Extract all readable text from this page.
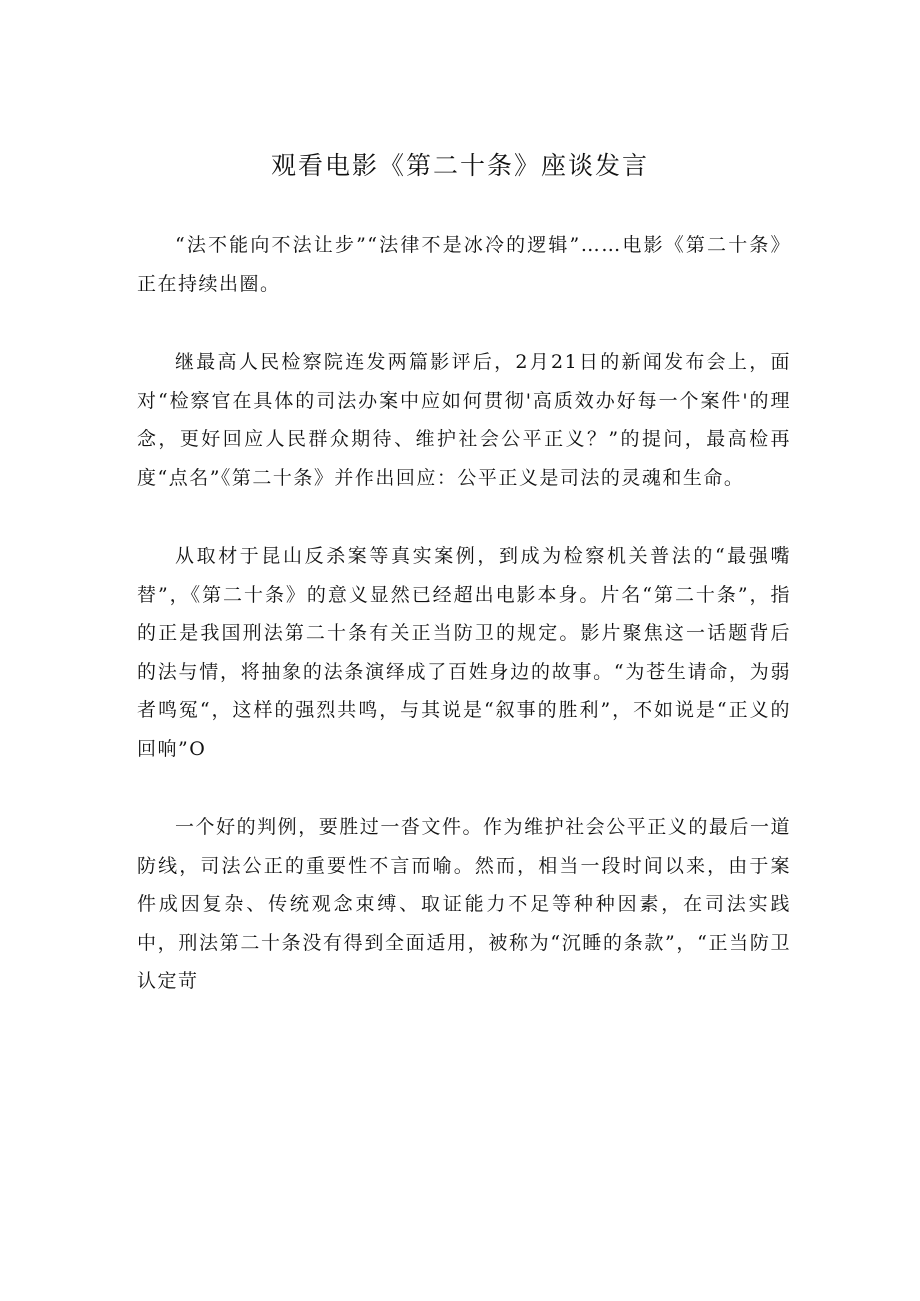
观看电影《第二十条》座谈发言

“法不能向不法让步”“法律不是冰冷的逻辑”……电影《第二十条》正在持续出圈。

继最高人民检察院连发两篇影评后，2月21日的新闻发布会上，面对“检察官在具体的司法办案中应如何贯彻'高质效办好每一个案件'的理念，更好回应人民群众期待、维护社会公平正义？”的提问，最高检再度“点名”《第二十条》并作出回应：公平正义是司法的灵魂和生命。

从取材于昆山反杀案等真实案例，到成为检察机关普法的“最强嘴替”，《第二十条》的意义显然已经超出电影本身。片名“第二十条”，指的正是我国刑法第二十条有关正当防卫的规定。影片聚焦这一话题背后的法与情，将抽象的法条演绎成了百姓身边的故事。“为苍生请命，为弱者鸣冤“，这样的强烈共鸣，与其说是“叙事的胜利”，不如说是“正义的回响”O

一个好的判例，要胜过一沓文件。作为维护社会公平正义的最后一道防线，司法公正的重要性不言而喻。然而，相当一段时间以来，由于案件成因复杂、传统观念束缚、取证能力不足等种种因素，在司法实践中，刑法第二十条没有得到全面适用，被称为“沉睡的条款”，“正当防卫认定苛
